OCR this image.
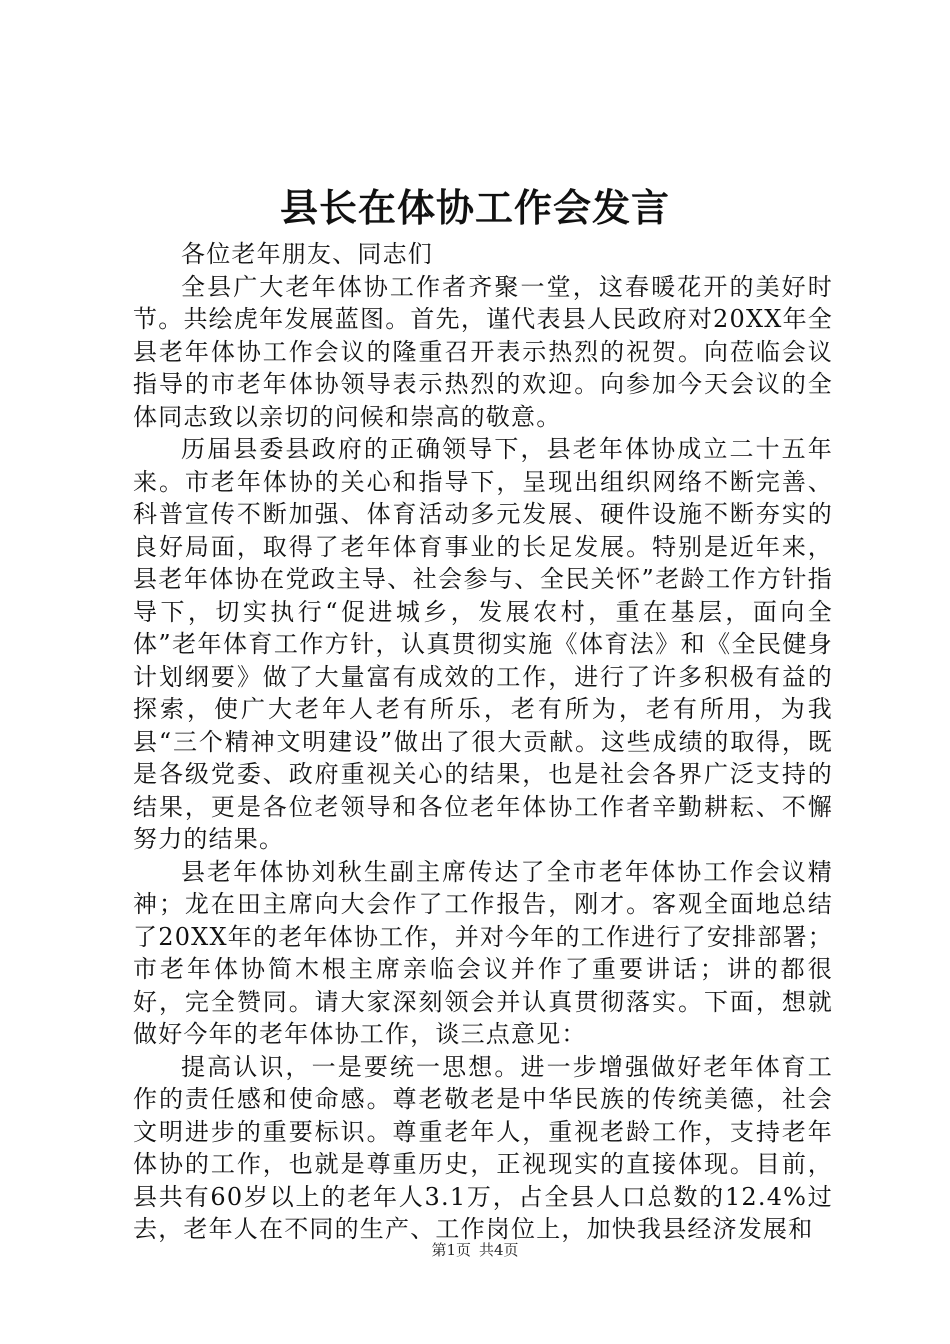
县长在体协工作会发言

各位老年朋友、同志们

全县广大老年体协工作者齐聚一堂，这春暖花开的美好时节。共绘虎年发展蓝图。首先，谨代表县人民政府对20XX年全县老年体协工作会议的隆重召开表示热烈的祝贺。向莅临会议指导的市老年体协领导表示热烈的欢迎。向参加今天会议的全体同志致以亲切的问候和崇高的敬意。

历届县委县政府的正确领导下，县老年体协成立二十五年来。市老年体协的关心和指导下，呈现出组织网络不断完善、科普宣传不断加强、体育活动多元发展、硬件设施不断夯实的良好局面，取得了老年体育事业的长足发展。特别是近年来，县老年体协在党政主导、社会参与、全民关怀”老龄工作方针指导下，切实执行“促进城乡，发展农村，重在基层，面向全体”老年体育工作方针，认真贯彻实施《体育法》和《全民健身计划纲要》做了大量富有成效的工作，进行了许多积极有益的探索，使广大老年人老有所乐，老有所为，老有所用，为我县“三个精神文明建设”做出了很大贡献。这些成绩的取得，既是各级党委、政府重视关心的结果，也是社会各界广泛支持的结果，更是各位老领导和各位老年体协工作者辛勤耕耘、不懈努力的结果。

县老年体协刘秋生副主席传达了全市老年体协工作会议精神；龙在田主席向大会作了工作报告，刚才。客观全面地总结了20XX年的老年体协工作，并对今年的工作进行了安排部署；市老年体协简木根主席亲临会议并作了重要讲话；讲的都很好，完全赞同。请大家深刻领会并认真贯彻落实。下面，想就做好今年的老年体协工作，谈三点意见：

提高认识，一是要统一思想。进一步增强做好老年体育工作的责任感和使命感。尊老敬老是中华民族的传统美德，社会文明进步的重要标识。尊重老年人，重视老龄工作，支持老年体协的工作，也就是尊重历史，正视现实的直接体现。目前，县共有60岁以上的老年人3.1万，占全县人口总数的12.4%过去，老年人在不同的生产、工作岗位上，加快我县经济发展和

第1页 共4页
